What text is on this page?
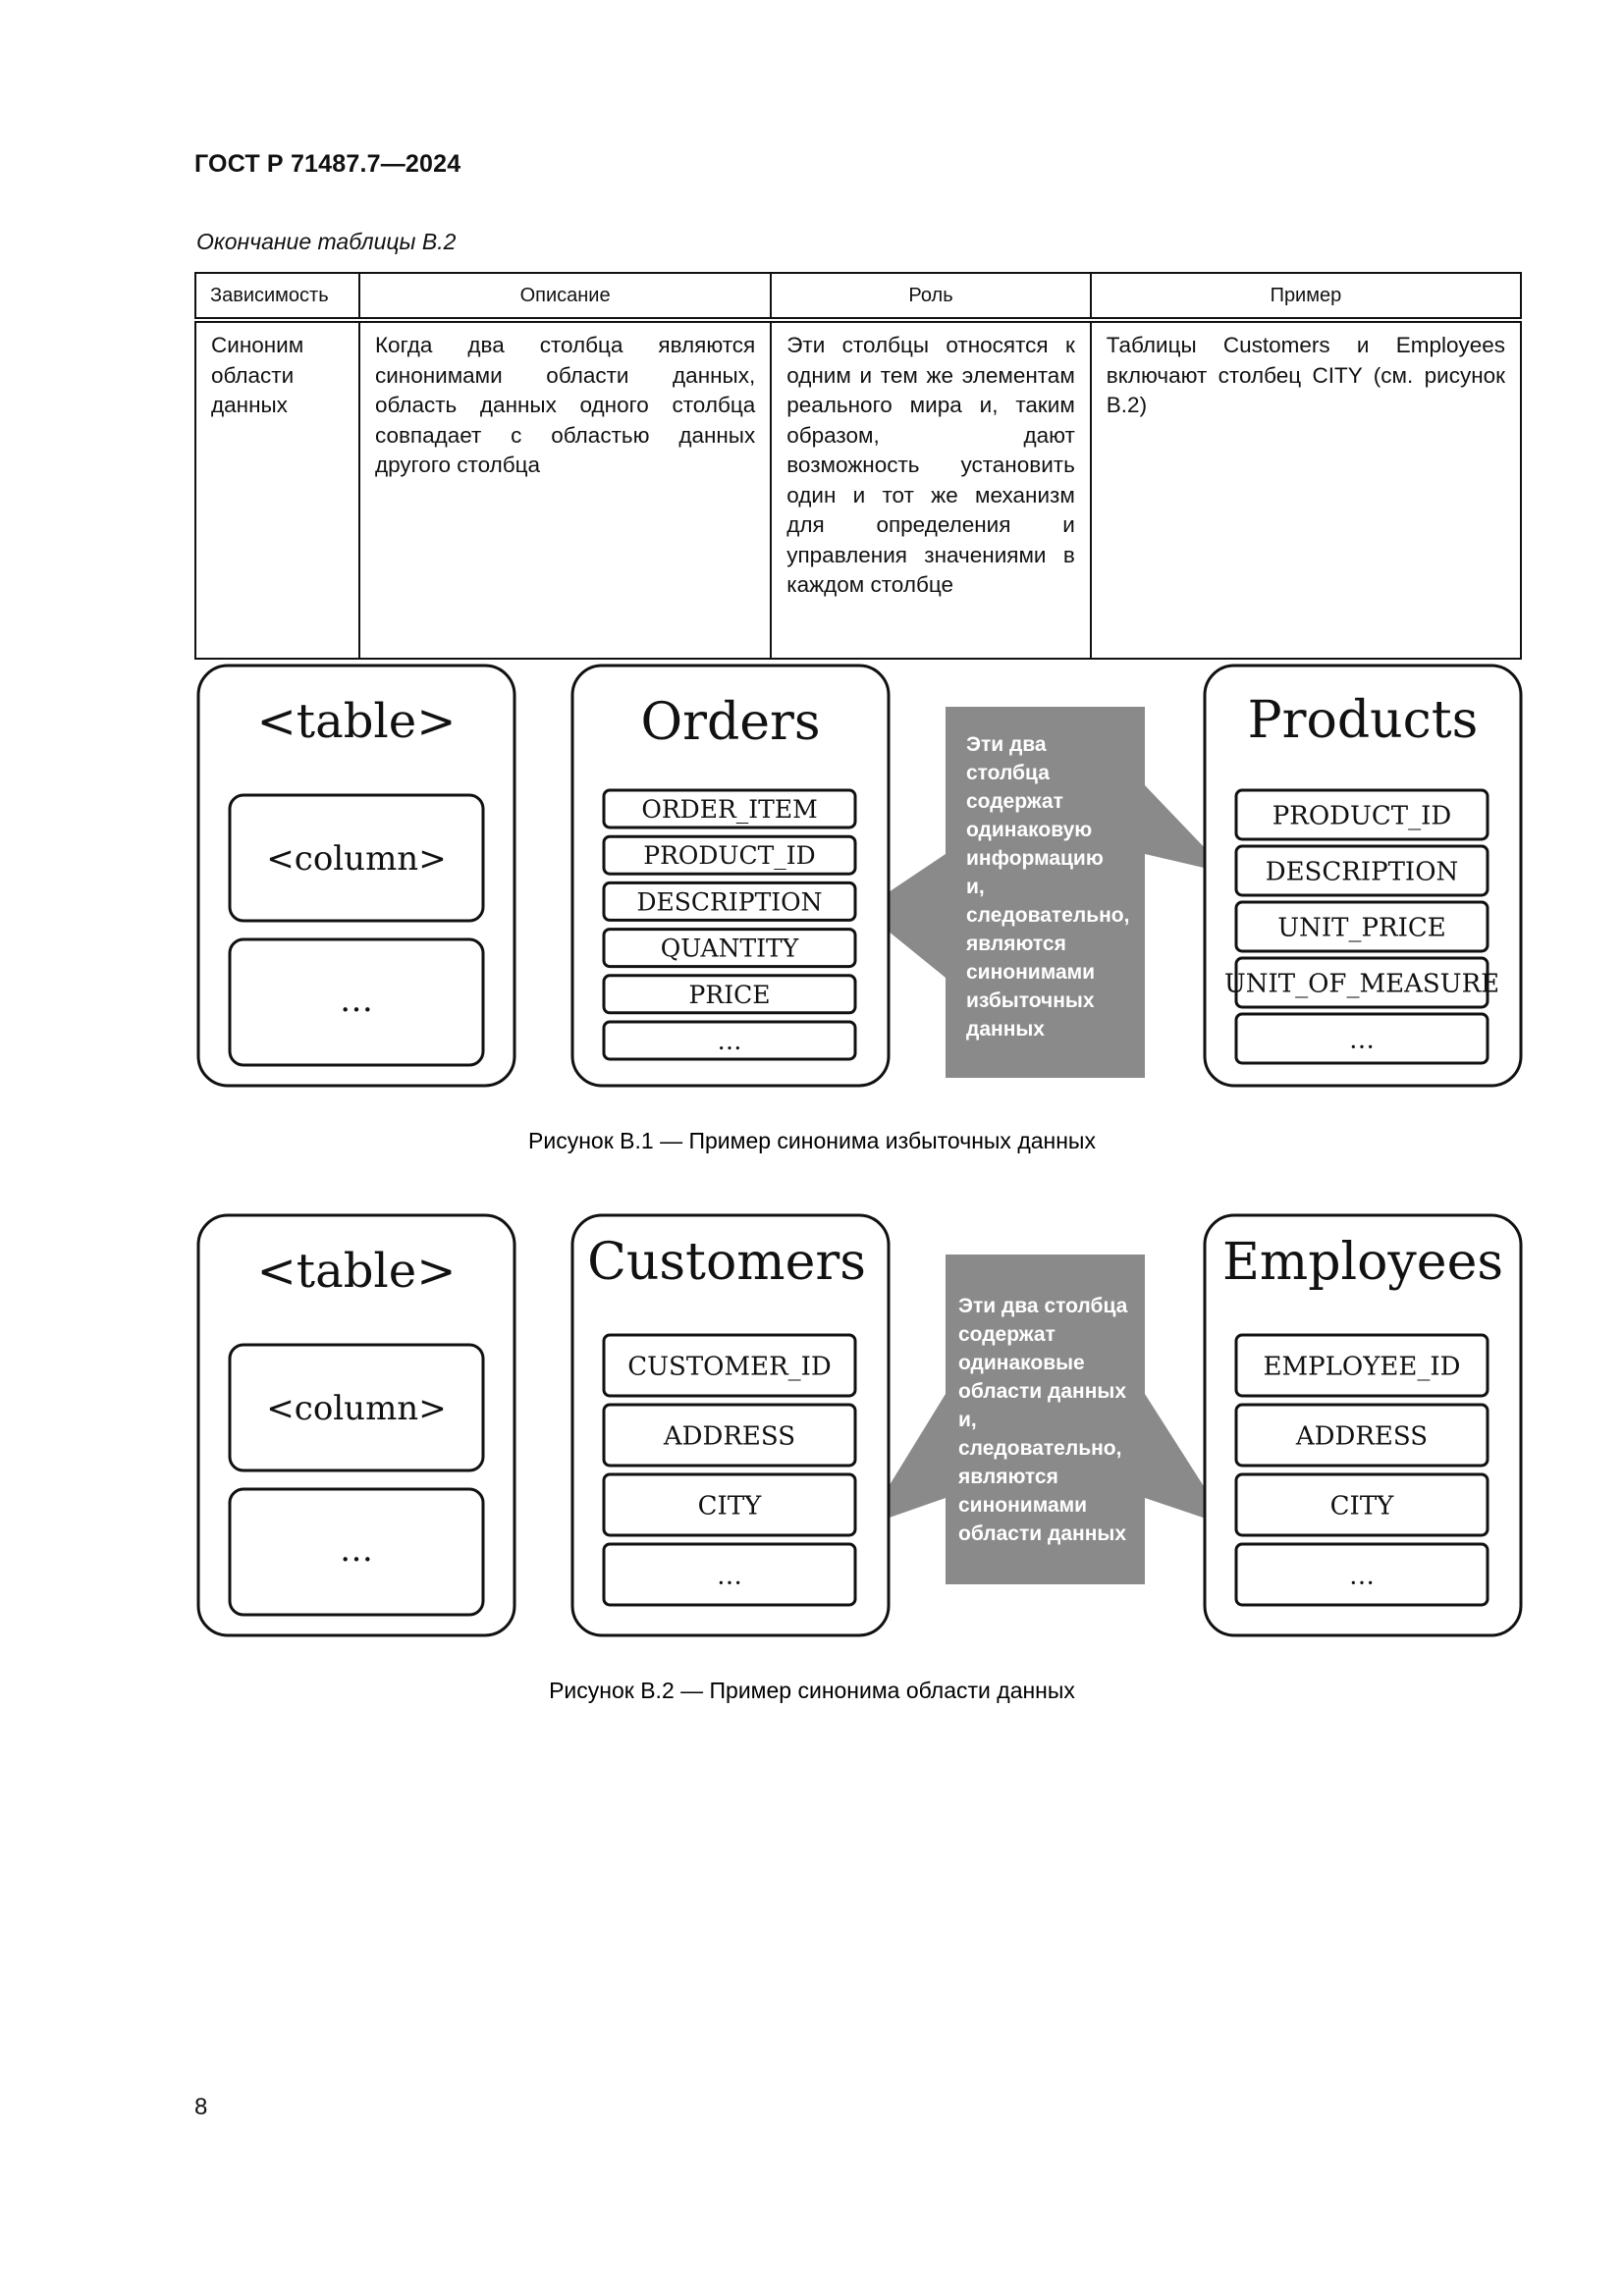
ГОСТ Р 71487.7—2024
Окончание таблицы В.2
Зависимость	Описание	Роль	Пример
Синоним области данных	Когда два столбца являются синонимами области данных, область данных одного столбца совпадает с областью данных другого столбца	Эти столбцы относятся к одним и тем же элементам реального мира и, таким образом, дают возможность установить один и тот же механизм для определения и управления значениями в каждом столбце	Таблицы Customers и Employees включают столбец CITY (см. рисунок В.2)
<table>
<column>
…
Эти два столбца содержат одинаковую информацию и, следовательно, являются синонимами избыточных данных
Orders
ORDER_ITEM
PRODUCT_ID
DESCRIPTION
QUANTITY
PRICE
…
Products
PRODUCT_ID
DESCRIPTION
UNIT_PRICE
UNIT_OF_MEASURE
…
Рисунок В.1 — Пример синонима избыточных данных
<table>
<column>
…
Эти два столбца содержат одинаковые области данных и, следовательно, являются синонимами области данных
Customers
CUSTOMER_ID
ADDRESS
CITY
…
Employees
EMPLOYEE_ID
ADDRESS
CITY
…
Рисунок В.2 — Пример синонима области данных
8
